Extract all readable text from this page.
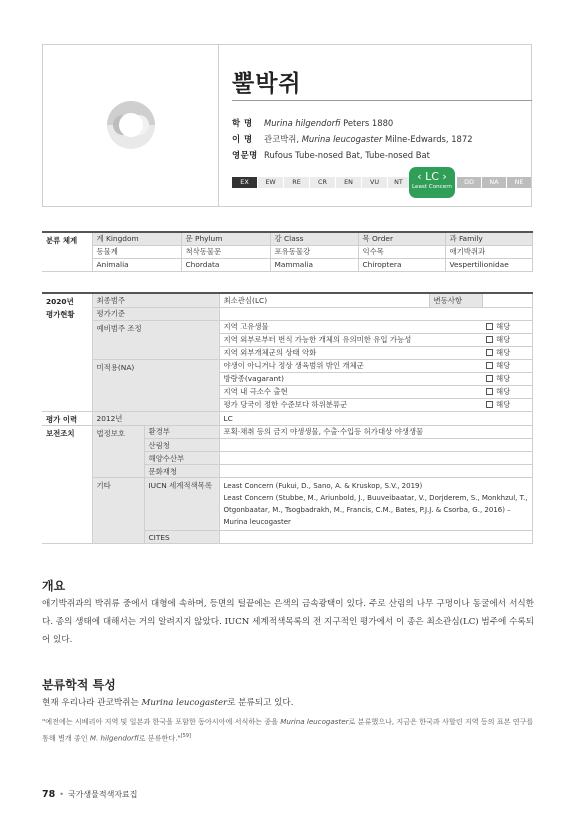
뿔박쥐
학 명	Murina hilgendorfi Peters 1880
이 명	관코박쥐, Murina leucogaster Milne-Edwards, 1872
영문명 Rufous Tube-nosed Bat, Tube-nosed Bat
EX	EW	RE	CR	EN	VU	NT	‹ LC ›
Least Concern
DD	NA	NE
분류 체계	계 Kingdom	문 Phylum	강 Class	목 Order	과 Family
	동물계	척삭동물문	포유동물강	익수목	애기박쥐과
	Animalia	Chordata	Mammalia	Chiroptera	Vespertilionidae
2020년	최종범주		최소관심(LC)	변동사항	
평가현황	평가기준				
	예비범주 조정		지역 고유생물		해당
			지역 외부로부터 번식 가능한 개체의 유의미한 유입 가능성		해당
			지역 외부개체군의 상태 악화		해당
	미적용(NA)		야생이 아니거나 정상 생육범위 밖인 개체군		해당
			방랑종(vagarant)		해당
			지역 내 극소수 출현		해당
			평가 당국이 정한 수준보다 하위분류군		해당
평가 이력	2012년		LC		
보전조치	법정보호	환경부	포획·채취 등의 금지 야생생물, 수출·수입등 허가대상 야생생물		
		산림청			
		해양수산부			
		문화재청			
	기타	IUCN 세계적색목록	Least Concern (Fukui, D., Sano, A. & Kruskop, S.V., 2019)
Least Concern (Stubbe, M., Ariunbold, J., Buuveibaatar, V., Dorjderem, S., Monkhzul, T., Otgonbaatar, M., Tsogbadrakh, M., Francis, C.M., Bates, P.J.J. & Csorba, G., 2016) – Murina leucogaster		

		CITES			
개요
애기박쥐과의 박쥐류 중에서 대형에 속하며, 등면의 털끝에는 은색의 금속광택이 있다. 주로 산림의 나무 구멍이나 동굴에서 서식한다. 종의 생태에 대해서는 거의 알려지지 않았다. IUCN 세계적색목록의 전 지구적인 평가에서 이 종은 최소관심(LC) 범주에 수록되어 있다.
분류학적 특성
현재 우리나라 관코박쥐는 Murina leucogaster로 분류되고 있다.
"예전에는 시베리아 지역 및 일본과 한국을 포함한 동아시아에 서식하는 종을 Murina leucogaster로 분류했으나, 지금은 한국과 사할린 지역 등의 표본 연구를 통해 별개 종인 M. hilgendorfi로 분류한다."[59]
78 • 국가생물적색자료집
